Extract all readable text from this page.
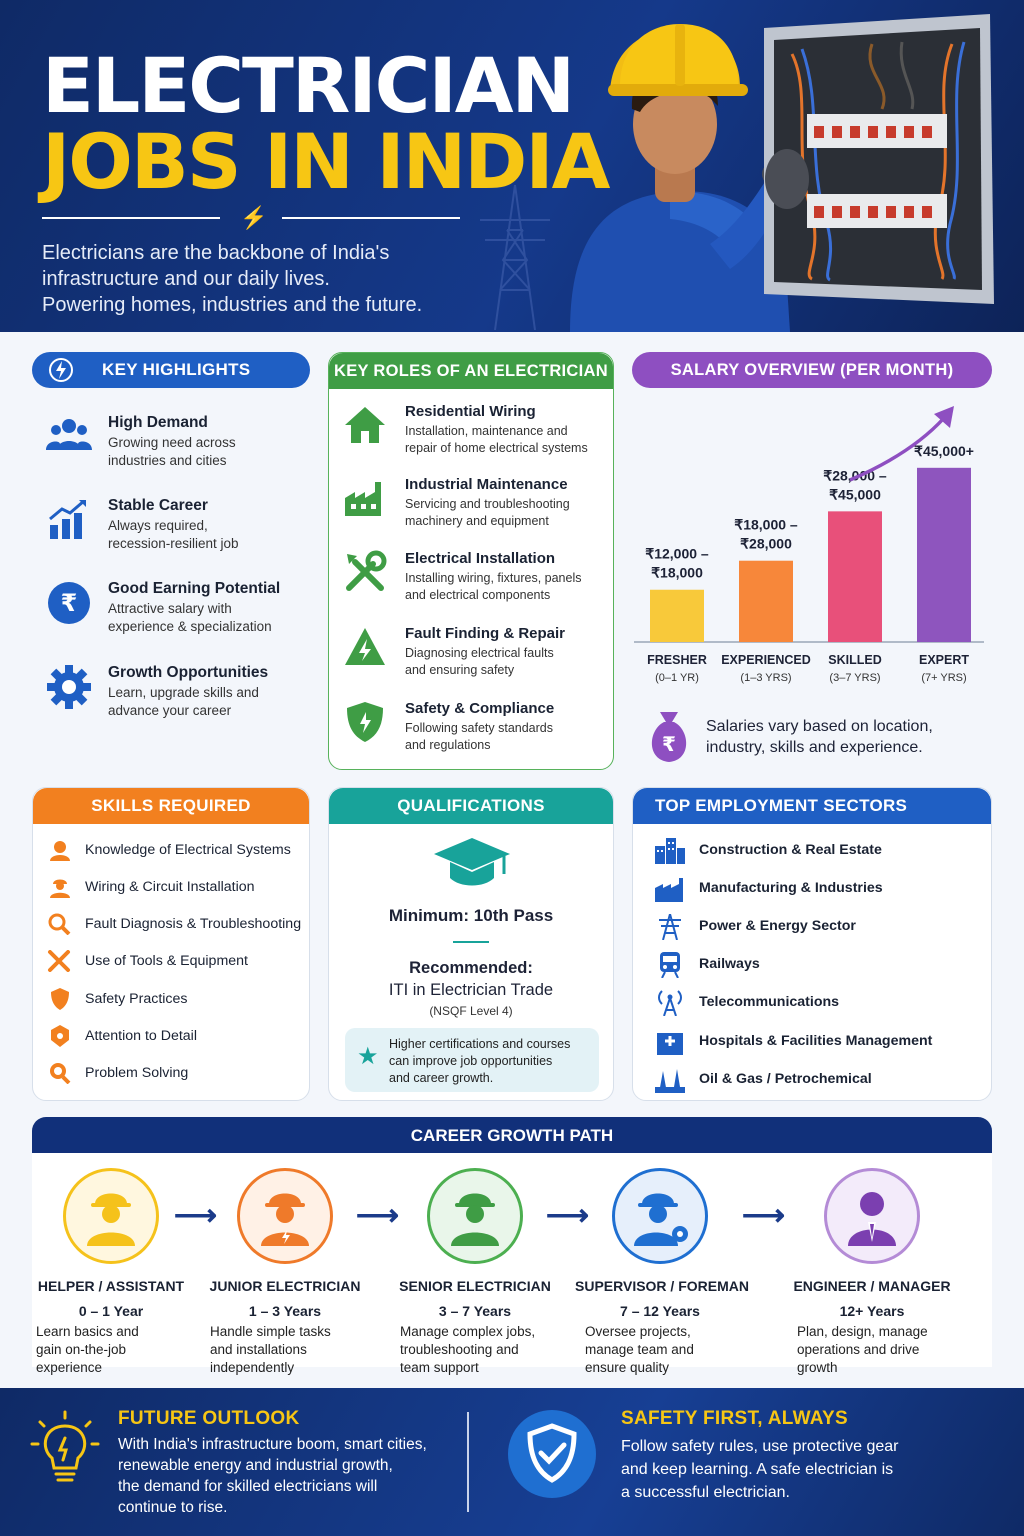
ELECTRICIAN
JOBS IN INDIA
⚡
Electricians are the backbone of India's
infrastructure and our daily lives.
Powering homes, industries and the future.
KEY HIGHLIGHTS
High Demand
Growing need across
industries and cities
Stable Career
Always required,
recession-resilient job
₹
Good Earning Potential
Attractive salary with
experience & specialization
Growth Opportunities
Learn, upgrade skills and
advance your career
KEY ROLES OF AN ELECTRICIAN
Residential Wiring
Installation, maintenance and
repair of home electrical systems
Industrial Maintenance
Servicing and troubleshooting
machinery and equipment
Electrical Installation
Installing wiring, fixtures, panels
and electrical components
Fault Finding & Repair
Diagnosing electrical faults
and ensuring safety
Safety & Compliance
Following safety standards
and regulations
SALARY OVERVIEW (PER MONTH)
₹12,000 –
₹18,000
FRESHER
(0–1 YR)
₹18,000 –
₹28,000
EXPERIENCED
(1–3 YRS)
₹28,000 –
₹45,000
SKILLED
(3–7 YRS)
₹45,000+
EXPERT
(7+ YRS)
₹
Salaries vary based on location,
industry, skills and experience.
SKILLS REQUIRED
Knowledge of Electrical Systems
Wiring & Circuit Installation
Fault Diagnosis & Troubleshooting
Use of Tools & Equipment
Safety Practices
Attention to Detail
Problem Solving
QUALIFICATIONS
Minimum: 10th Pass
Recommended:
ITI in Electrician Trade
(NSQF Level 4)
★ Higher certifications and courses
can improve job opportunities
and career growth.
TOP EMPLOYMENT SECTORS
Construction & Real Estate
Manufacturing & Industries
Power & Energy Sector
Railways
Telecommunications
Hospitals & Facilities Management
Oil & Gas / Petrochemical
CAREER GROWTH PATH
HELPER / ASSISTANT
0 – 1 Year
Learn basics and
gain on-the-job
experience
⟶
JUNIOR ELECTRICIAN
1 – 3 Years
Handle simple tasks
and installations
independently
⟶
SENIOR ELECTRICIAN
3 – 7 Years
Manage complex jobs,
troubleshooting and
team support
⟶
SUPERVISOR / FOREMAN
7 – 12 Years
Oversee projects,
manage team and
ensure quality
⟶
ENGINEER / MANAGER
12+ Years
Plan, design, manage
operations and drive
growth
FUTURE OUTLOOK
With India's infrastructure boom, smart cities,
renewable energy and industrial growth,
the demand for skilled electricians will
continue to rise.
SAFETY FIRST, ALWAYS
Follow safety rules, use protective gear
and keep learning. A safe electrician is
a successful electrician.
